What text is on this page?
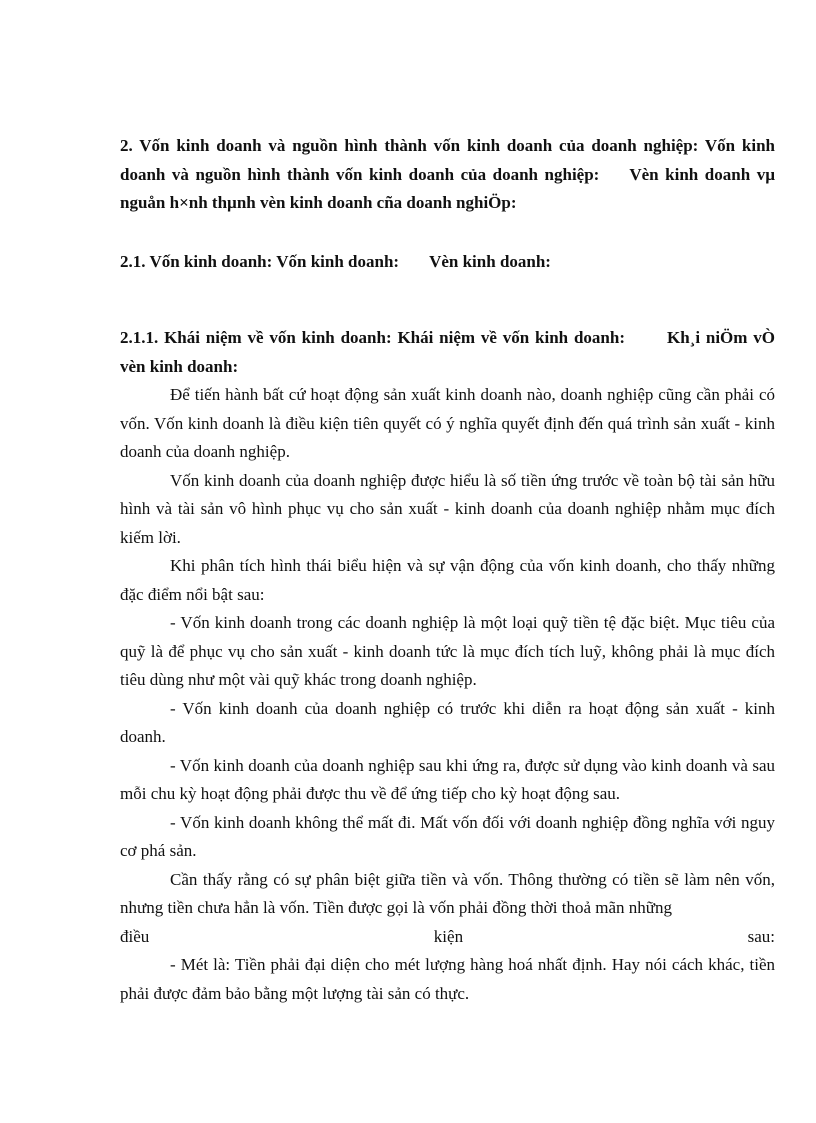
2. Vốn kinh doanh và nguồn hình thành vốn kinh doanh của doanh nghiệp: Vốn kinh doanh và nguồn hình thành vốn kinh doanh của doanh nghiệp: Vèn kinh doanh vµ nguån h×nh thµnh vèn kinh doanh cña doanh nghiÖp:

2.1. Vốn kinh doanh: Vốn kinh doanh: Vèn kinh doanh:

2.1.1. Khái niệm về vốn kinh doanh: Khái niệm về vốn kinh doanh: Kh¸i niÖm vÒ vèn kinh doanh:

Để tiến hành bất cứ hoạt động sản xuất kinh doanh nào, doanh nghiệp cũng cần phải có vốn. Vốn kinh doanh là điều kiện tiên quyết có ý nghĩa quyết định đến quá trình sản xuất - kinh doanh của doanh nghiệp.

Vốn kinh doanh của doanh nghiệp được hiểu là số tiền ứng trước về toàn bộ tài sản hữu hình và tài sản vô hình phục vụ cho sản xuất - kinh doanh của doanh nghiệp nhằm mục đích kiếm lời.

Khi phân tích hình thái biểu hiện và sự vận động của vốn kinh doanh, cho thấy những đặc điểm nổi bật sau:

- Vốn kinh doanh trong các doanh nghiệp là một loại quỹ tiền tệ đặc biệt. Mục tiêu của quỹ là để phục vụ cho sản xuất - kinh doanh tức là mục đích tích luỹ, không phải là mục đích tiêu dùng như một vài quỹ khác trong doanh nghiệp.

- Vốn kinh doanh của doanh nghiệp có trước khi diễn ra hoạt động sản xuất - kinh doanh.

- Vốn kinh doanh của doanh nghiệp sau khi ứng ra, được sử dụng vào kinh doanh và sau mỗi chu kỳ hoạt động phải được thu về để ứng tiếp cho kỳ hoạt động sau.

- Vốn kinh doanh không thể mất đi. Mất vốn đối với doanh nghiệp đồng nghĩa với nguy cơ phá sản.

Cần thấy rằng có sự phân biệt giữa tiền và vốn. Thông thường có tiền sẽ làm nên vốn, nhưng tiền chưa hẳn là vốn. Tiền được gọi là vốn phải đồng thời thoả mãn những

điều	kiện	sau:

- Mét là: Tiền phải đại diện cho mét lượng hàng hoá nhất định. Hay nói cách khác, tiền phải được đảm bảo bằng một lượng tài sản có thực.
